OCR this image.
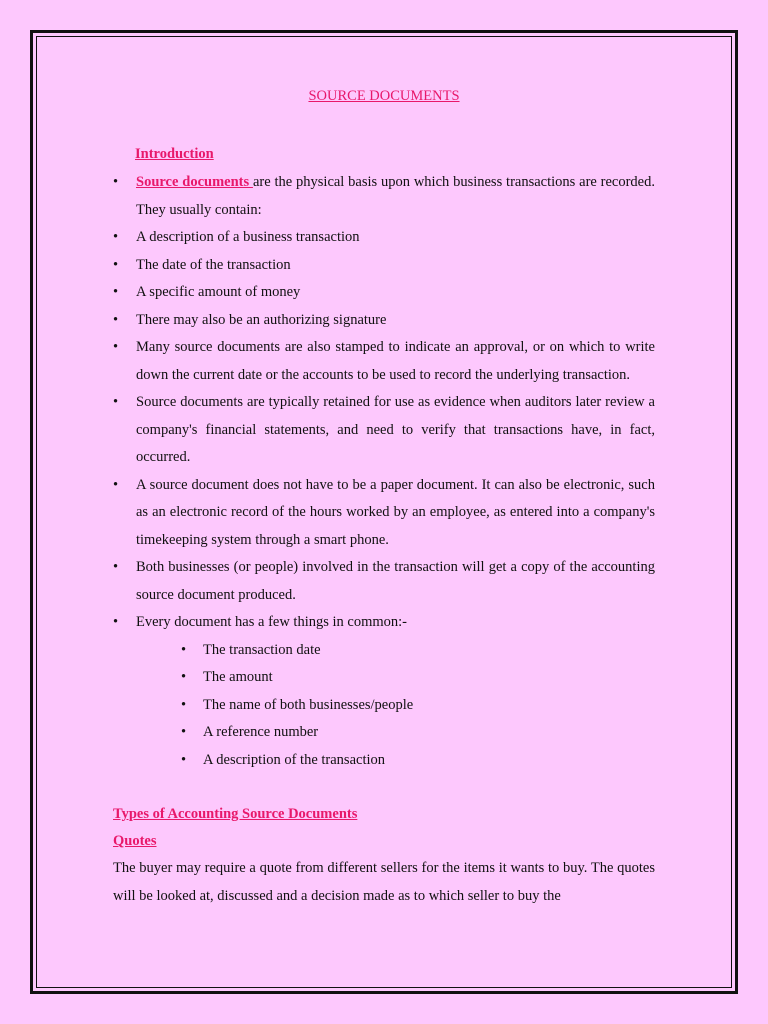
SOURCE DOCUMENTS

Introduction

• Source documents are the physical basis upon which business transactions are recorded. They usually contain:
• A description of a business transaction
• The date of the transaction
• A specific amount of money
• There may also be an authorizing signature
• Many source documents are also stamped to indicate an approval, or on which to write down the current date or the accounts to be used to record the underlying transaction.
• Source documents are typically retained for use as evidence when auditors later review a company's financial statements, and need to verify that transactions have, in fact, occurred.
• A source document does not have to be a paper document. It can also be electronic, such as an electronic record of the hours worked by an employee, as entered into a company's timekeeping system through a smart phone.
• Both businesses (or people) involved in the transaction will get a copy of the accounting source document produced.
• Every document has a few things in common:-
• The transaction date
• The amount
• The name of both businesses/people
• A reference number
• A description of the transaction

Types of Accounting Source Documents

Quotes

The buyer may require a quote from different sellers for the items it wants to buy. The quotes will be looked at, discussed and a decision made as to which seller to buy the
